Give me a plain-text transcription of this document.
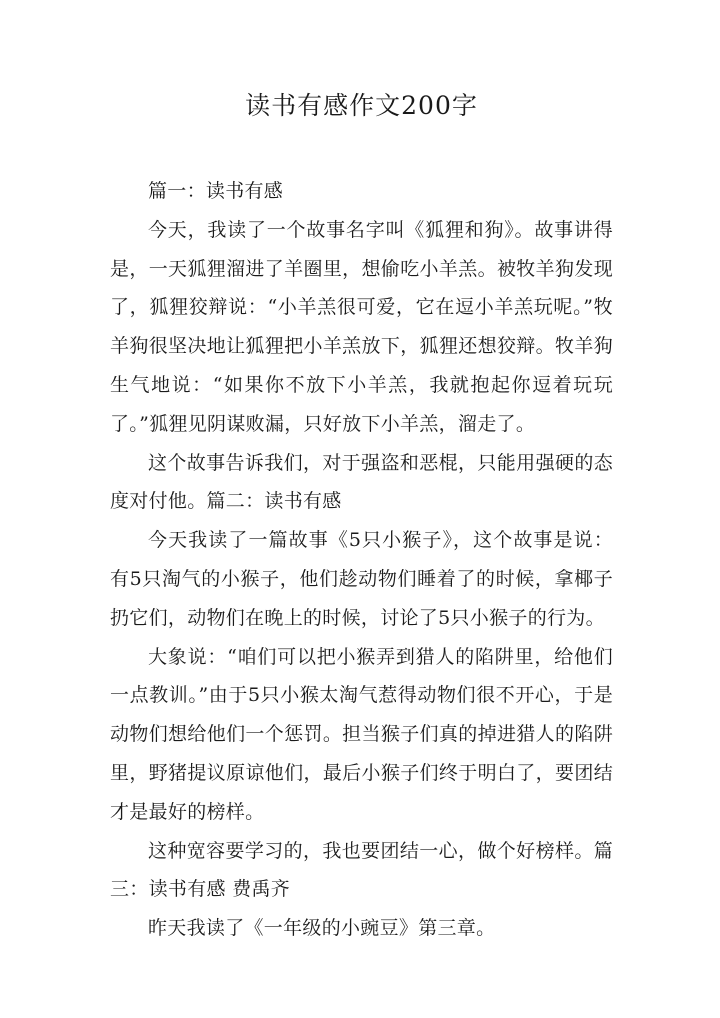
读书有感作文200字

篇一：读书有感

今天，我读了一个故事名字叫《狐狸和狗》。故事讲得是，一天狐狸溜进了羊圈里，想偷吃小羊羔。被牧羊狗发现了，狐狸狡辩说：“小羊羔很可爱，它在逗小羊羔玩呢。”牧羊狗很坚决地让狐狸把小羊羔放下，狐狸还想狡辩。牧羊狗生气地说：“如果你不放下小羊羔，我就抱起你逗着玩玩了。”狐狸见阴谋败漏，只好放下小羊羔，溜走了。

这个故事告诉我们，对于强盗和恶棍，只能用强硬的态度对付他。篇二：读书有感

今天我读了一篇故事《5只小猴子》，这个故事是说：有5只淘气的小猴子，他们趁动物们睡着了的时候，拿椰子扔它们，动物们在晚上的时候，讨论了5只小猴子的行为。

大象说：“咱们可以把小猴弄到猎人的陷阱里，给他们一点教训。”由于5只小猴太淘气惹得动物们很不开心，于是动物们想给他们一个惩罚。担当猴子们真的掉进猎人的陷阱里，野猪提议原谅他们，最后小猴子们终于明白了，要团结才是最好的榜样。

这种宽容要学习的，我也要团结一心，做个好榜样。篇三：读书有感 费禹齐

昨天我读了《一年级的小豌豆》第三章。
